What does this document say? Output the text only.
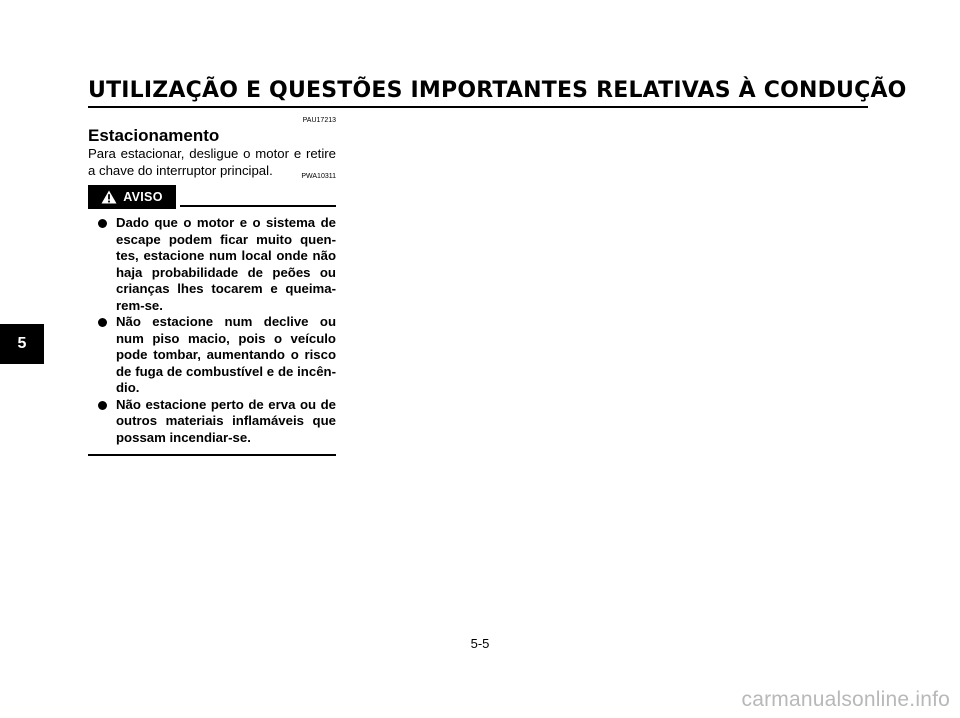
UTILIZAÇÃO E QUESTÕES IMPORTANTES RELATIVAS À CONDUÇÃO
5
PAU17213
Estacionamento
Para estacionar, desligue o motor e retire a chave do interruptor principal.	PWA10311
AVISO
Dado que o motor e o sistema de escape podem ficar muito quentes, estacione num local onde não haja probabilidade de peões ou crianças lhes tocarem e queimarem-se.
Não estacione num declive ou num piso macio, pois o veículo pode tombar, aumentando o risco de fuga de combustível e de incêndio.
Não estacione perto de erva ou de outros materiais inflamáveis que possam incendiar-se.
5-5
carmanualsonline.info
